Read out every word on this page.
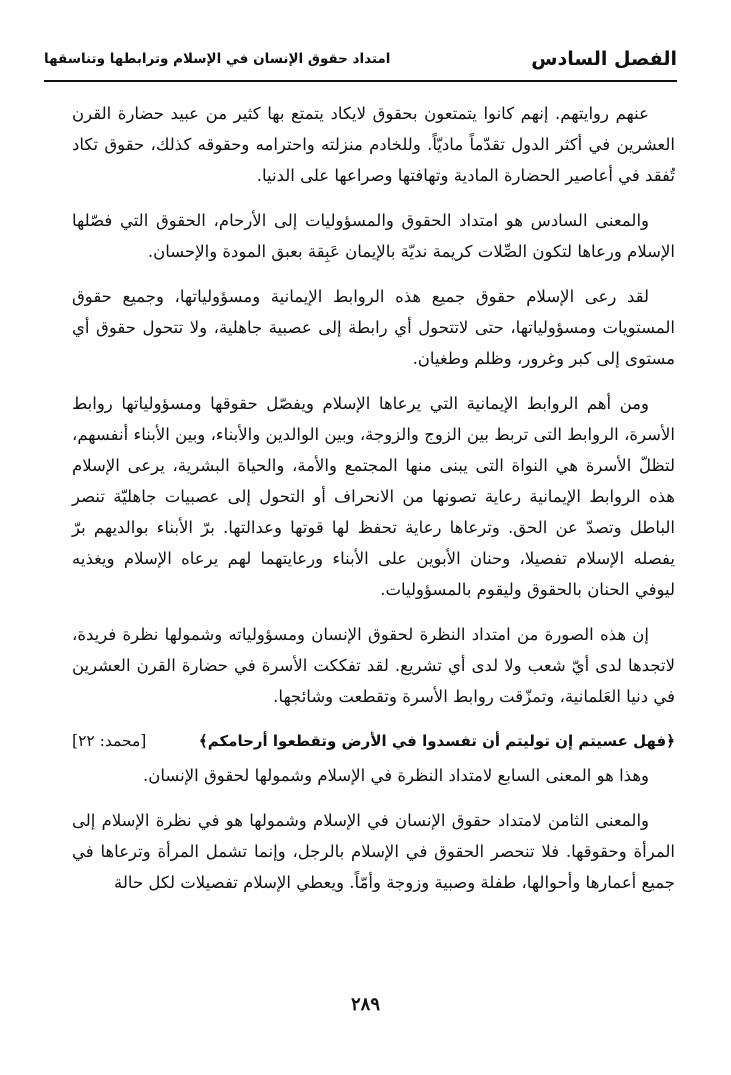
الفصل السادس
امتداد حقوق الإنسان في الإسلام وترابطها وتناسقها

عنهم روايتهم. إنهم كانوا يتمتعون بحقوق لايكاد يتمتع بها كثير من عبيد حضارة القرن العشرين في أكثر الدول تقدّماً ماديّاً. وللخادم منزلته واحترامه وحقوقه كذلك، حقوق تكاد تُفقد في أعاصير الحضارة المادية وتهافتها وصراعها على الدنيا.

والمعنى السادس هو امتداد الحقوق والمسؤوليات إلى الأرحام، الحقوق التي فصّلها الإسلام ورعاها لتكون الصِّلات كريمة نديّة بالإيمان عَبِقة بعبق المودة والإحسان.

لقد رعى الإسلام حقوق جميع هذه الروابط الإيمانية ومسؤولياتها، وجميع حقوق المستويات ومسؤولياتها، حتى لاتتحول أي رابطة إلى عصبية جاهلية، ولا تتحول حقوق أي مستوى إلى كبر وغرور، وظلم وطغيان.

ومن أهم الروابط الإيمانية التي يرعاها الإسلام ويفصّل حقوقها ومسؤولياتها روابط الأسرة، الروابط التى تربط بين الزوج والزوجة، وبين الوالدين والأبناء، وبين الأبناء أنفسهم، لتظلّ الأسرة هي النواة التى يبنى منها المجتمع والأمة، والحياة البشرية، يرعى الإسلام هذه الروابط الإيمانية رعاية تصونها من الانحراف أو التحول إلى عصبيات جاهليّة تنصر الباطل وتصدّ عن الحق. وترعاها رعاية تحفظ لها قوتها وعدالتها. برّ الأبناء بوالديهم برّ يفصله الإسلام تفصيلا، وحنان الأبوين على الأبناء ورعايتهما لهم يرعاه الإسلام ويغذيه ليوفي الحنان بالحقوق وليقوم بالمسؤوليات.

إن هذه الصورة من امتداد النظرة لحقوق الإنسان ومسؤولياته وشمولها نظرة فريدة، لاتجدها لدى أيّ شعب ولا لدى أي تشريع. لقد تفككت الأسرة في حضارة القرن العشرين في دنيا العَلمانية، وتمزّقت روابط الأسرة وتقطعت وشائجها.

﴿فهل عسيتم إن توليتم أن تفسدوا في الأرض وتقطعوا أرحامكم﴾
[محمد: ٢٢]

وهذا هو المعنى السابع لامتداد النظرة في الإسلام وشمولها لحقوق الإنسان.

والمعنى الثامن لامتداد حقوق الإنسان في الإسلام وشمولها هو في نظرة الإسلام إلى المرأة وحقوقها. فلا تنحصر الحقوق في الإسلام بالرجل، وإنما تشمل المرأة وترعاها في جميع أعمارها وأحوالها، طفلة وصبية وزوجة وأمّاً. ويعطي الإسلام تفصيلات لكل حالة

٢٨٩
